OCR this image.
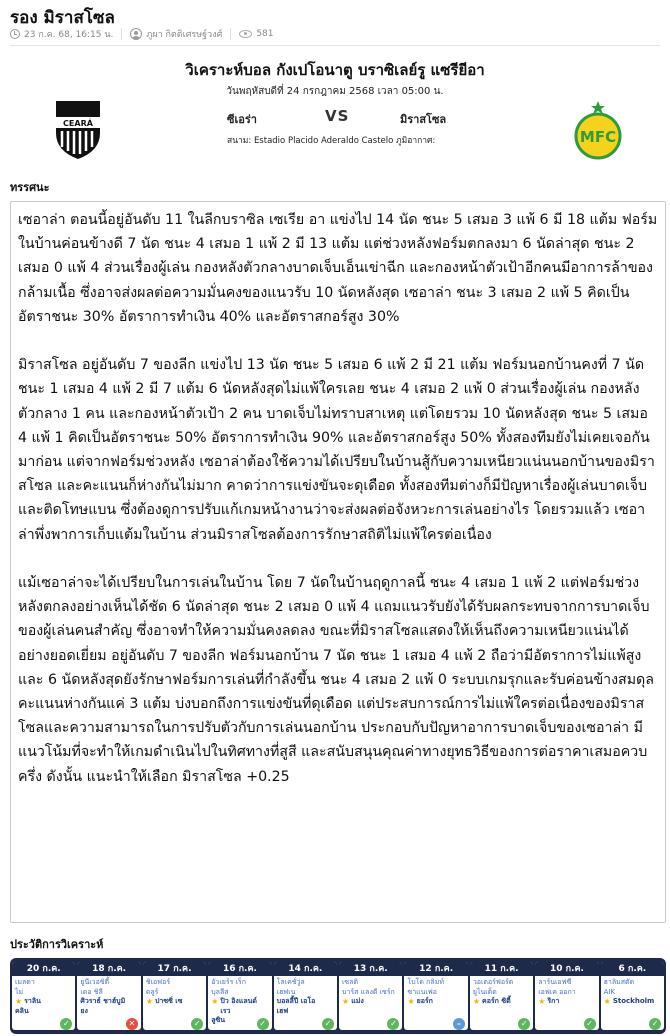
รอง มิราสโซล
23 ก.ค. 68, 16:15 น.	ภูผา กิตติเศรษฐ์วงศ์	581
วิเคราะห์บอล กังเปโอนาตู บราซิเลย์รู แซรียีอา
วันพฤหัสบดีที่ 24 กรกฎาคม 2568 เวลา 05:00 น.
CEARÁ	ซีเอร่า	VS	มิราสโซล
สนาม: Estadio Placido Aderaldo Castelo ภูมิอากาศ:	MFC
ทรรศนะ

เซอาล่า ตอนนี้อยู่อันดับ 11 ในลีกบราซิล เซเรีย อา แข่งไป 14 นัด ชนะ 5 เสมอ 3 แพ้ 6 มี 18 แต้ม ฟอร์มในบ้านค่อนข้างดี 7 นัด ชนะ 4 เสมอ 1 แพ้ 2 มี 13 แต้ม แต่ช่วงหลังฟอร์มตกลงมา 6 นัดล่าสุด ชนะ 2 เสมอ 0 แพ้ 4 ส่วนเรื่องผู้เล่น กองหลังตัวกลางบาดเจ็บเอ็นเข่าฉีก และกองหน้าตัวเป้าอีกคนมีอาการล้าของกล้ามเนื้อ ซึ่งอาจส่งผลต่อความมั่นคงของแนวรับ 10 นัดหลังสุด เซอาล่า ชนะ 3 เสมอ 2 แพ้ 5 คิดเป็นอัตราชนะ 30% อัตราการทำเงิน 40% และอัตราสกอร์สูง 30%

มิราสโซล อยู่อันดับ 7 ของลีก แข่งไป 13 นัด ชนะ 5 เสมอ 6 แพ้ 2 มี 21 แต้ม ฟอร์มนอกบ้านคงที่ 7 นัด ชนะ 1 เสมอ 4 แพ้ 2 มี 7 แต้ม 6 นัดหลังสุดไม่แพ้ใครเลย ชนะ 4 เสมอ 2 แพ้ 0 ส่วนเรื่องผู้เล่น กองหลังตัวกลาง 1 คน และกองหน้าตัวเป้า 2 คน บาดเจ็บไม่ทราบสาเหตุ แต่โดยรวม 10 นัดหลังสุด ชนะ 5 เสมอ 4 แพ้ 1 คิดเป็นอัตราชนะ 50% อัตราการทำเงิน 90% และอัตราสกอร์สูง 50% ทั้งสองทีมยังไม่เคยเจอกันมาก่อน แต่จากฟอร์มช่วงหลัง เซอาล่าต้องใช้ความได้เปรียบในบ้านสู้กับความเหนียวแน่นนอกบ้านของมิราสโซล และคะแนนก็ห่างกันไม่มาก คาดว่าการแข่งขันจะดุเดือด ทั้งสองทีมต่างก็มีปัญหาเรื่องผู้เล่นบาดเจ็บและติดโทษแบน ซึ่งต้องดูการปรับแก้เกมหน้างานว่าจะส่งผลต่อจังหวะการเล่นอย่างไร โดยรวมแล้ว เซอาล่าพึ่งพาการเก็บแต้มในบ้าน ส่วนมิราสโซลต้องการรักษาสถิติไม่แพ้ใครต่อเนื่อง

แม้เซอาล่าจะได้เปรียบในการเล่นในบ้าน โดย 7 นัดในบ้านฤดูกาลนี้ ชนะ 4 เสมอ 1 แพ้ 2 แต่ฟอร์มช่วงหลังตกลงอย่างเห็นได้ชัด 6 นัดล่าสุด ชนะ 2 เสมอ 0 แพ้ 4 แถมแนวรับยังได้รับผลกระทบจากการบาดเจ็บของผู้เล่นคนสำคัญ ซึ่งอาจทำให้ความมั่นคงลดลง ขณะที่มิราสโซลแสดงให้เห็นถึงความเหนียวแน่นได้อย่างยอดเยี่ยม อยู่อันดับ 7 ของลีก ฟอร์มนอกบ้าน 7 นัด ชนะ 1 เสมอ 4 แพ้ 2 ถือว่ามีอัตราการไม่แพ้สูง และ 6 นัดหลังสุดยังรักษาฟอร์มการเล่นที่กำลังขึ้น ชนะ 4 เสมอ 2 แพ้ 0 ระบบเกมรุกและรับค่อนข้างสมดุล คะแนนห่างกันแค่ 3 แต้ม บ่งบอกถึงการแข่งขันที่ดุเดือด แต่ประสบการณ์การไม่แพ้ใครต่อเนื่องของมิราสโซลและความสามารถในการปรับตัวกับการเล่นนอกบ้าน ประกอบกับปัญหาอาการบาดเจ็บของเซอาล่า มีแนวโน้มที่จะทำให้เกมดำเนินไปในทิศทางที่สูสี และสนับสนุนคุณค่าทางยุทธวิธีของการต่อราคาเสมอควบครึ่ง ดังนั้น แนะนำให้เลือก มิราสโซล +0.25

ประวัติการวิเคราะห์
20 ก.ค.
เมลตา
ไม่
★ ราลิน
คลิน
✓
18 ก.ค.
ยูนีเวอซิตี้
เดอ ชิลี
ศิวราธ์ ชาฮ์บูมิ
ยง
✕
17 ก.ค.
ชิเอฟอร์
ดลูร์
★ ปาซซิ่ เซ
✓
16 ก.ค.
อัวเยร์ร เร็ก
บุลลีส
★ ปิว อิงแลนด์ เรว
ลูซิน	✓
14 ก.ค.
โลเคชั่วู่ล
เฮฟเน
บอลลี้ปี เอโอ
เฮฟ
✓
13 ก.ค.
เซลติ
บาร์ส แลงดี เซร์ก
★ แม่ง
✓
12 ก.ค.
โบโด กลิมท์
ซาแนเฟอ
★ ยอร์ก
–
11 ก.ค.
วอเตอร์ฟอร์ด
ยูไนเต็ด
★ คอร์ก ซิตี้
✓
10 ก.ค.
ลาร์นเอฟซี
เอฟเค ออกา
★ ริกา
✓
6 ก.ค.
ฮาลิมสตัด
AIK
★ Stockholm
✓
